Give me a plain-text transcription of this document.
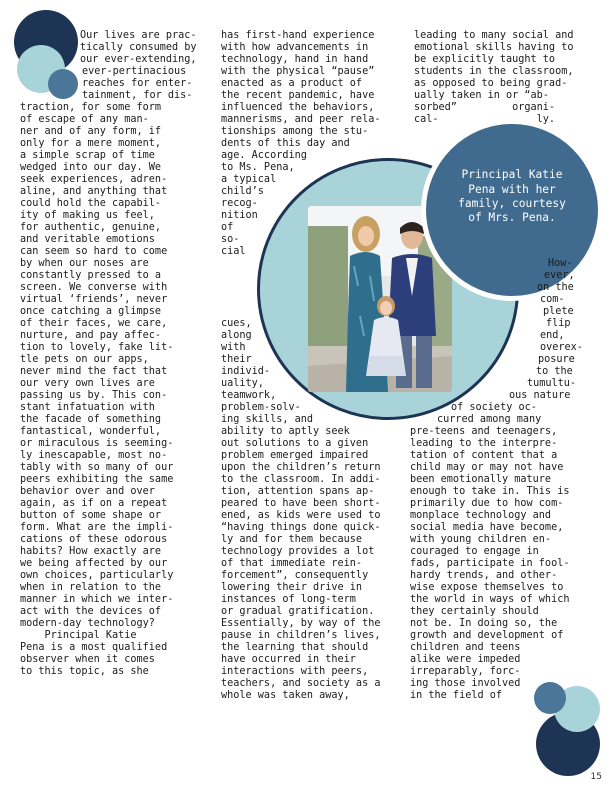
Principal Katie
Pena with her
family, courtesy
of Mrs. Pena.
Our lives are prac-
tically consumed by
our ever-extending,
ever-pertinacious
reaches for enter-
tainment, for dis-
traction, for some form
of escape of any man-
ner and of any form, if
only for a mere moment,
a simple scrap of time
wedged into our day. We
seek experiences, adren-
aline, and anything that
could hold the capabil-
ity of making us feel,
for authentic, genuine,
and veritable emotions
can seem so hard to come
by when our noses are
constantly pressed to a
screen. We converse with
virtual ‘friends’, never
once catching a glimpse
of their faces, we care,
nurture, and pay affec-
tion to lovely, fake lit-
tle pets on our apps,
never mind the fact that
our very own lives are
passing us by. This con-
stant infatuation with
the facade of something
fantastical, wonderful,
or miraculous is seeming-
ly inescapable, most no-
tably with so many of our
peers exhibiting the same
behavior over and over
again, as if on a repeat
button of some shape or
form. What are the impli-
cations of these odorous
habits? How exactly are
we being affected by our
own choices, particularly
when in relation to the
manner in which we inter-
act with the devices of
modern-day technology?
Principal Katie
Pena is a most qualified
observer when it comes
to this topic, as she
has first-hand experience
with how advancements in
technology, hand in hand
with the physical “pause”
enacted as a product of
the recent pandemic, have
influenced the behaviors,
mannerisms, and peer rela-
tionships among the stu-
dents of this day and
age. According
to Ms. Pena,
a typical
child’s
recog-
nition
of
so-
cial
cues,
along
with
their
individ-
uality,
teamwork,
problem-solv-
ing skills, and
ability to aptly seek
out solutions to a given
problem emerged impaired
upon the children’s return
to the classroom. In addi-
tion, attention spans ap-
peared to have been short-
ened, as kids were used to
“having things done quick-
ly and for them because
technology provides a lot
of that immediate rein-
forcement”, consequently
lowering their drive in
instances of long-term
or gradual gratification.
Essentially, by way of the
pause in children’s lives,
the learning that should
have occurred in their
interactions with peers,
teachers, and society as a
whole was taken away,
leading to many social and
emotional skills having to
be explicitly taught to
students in the classroom,
as opposed to being grad-
ually taken in or “ab-
sorbed”         organi-
cal-                ly.
How-
ever,
on the
com-
plete
flip
end,
overex-
posure
to the
tumultu-
ous nature
of society oc-
curred among many
pre-teens and teenagers,
leading to the interpre-
tation of content that a
child may or may not have
been emotionally mature
enough to take in. This is
primarily due to how com-
monplace technology and
social media have become,
with young children en-
couraged to engage in
fads, participate in fool-
hardy trends, and other-
wise expose themselves to
the world in ways of which
they certainly should
not be. In doing so, the
growth and development of
children and teens
alike were impeded
irreparably, forc-
ing those involved
in the field of
15
